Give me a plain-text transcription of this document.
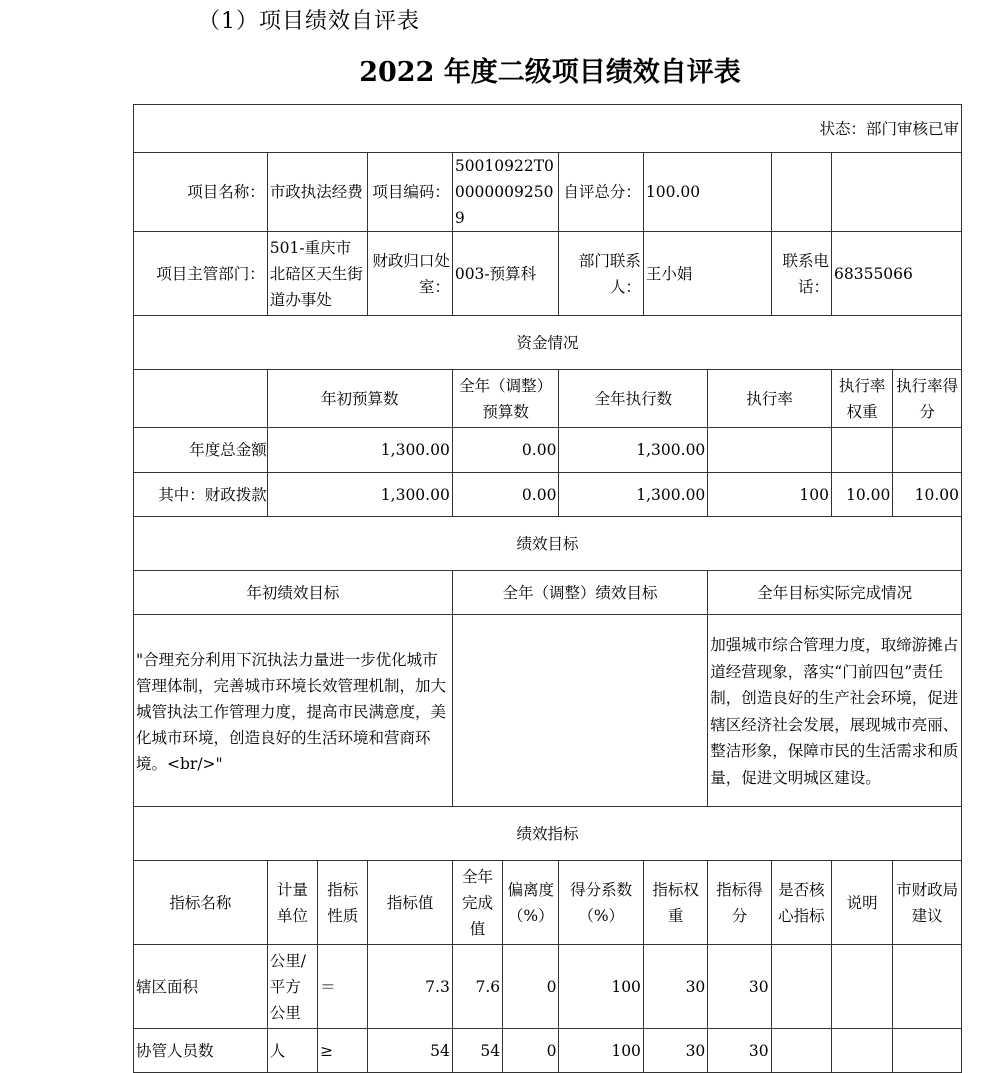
（1）项目绩效自评表
2022 年度二级项目绩效自评表
状态：部门审核已审											
项目名称：	市政执法经费		项目编码：	50010922T000000092509		自评总分：	100.00				
项目主管部门：	501-重庆市北碚区天生街道办事处		财政归口处室：	003-预算科		部门联系人：	王小娟		联系电话：	68355066	
资金情况											
	年初预算数			全年（调整）预算数		全年执行数		执行率		执行率权重	执行率得分
年度总金额	1,300.00			0.00		1,300.00					
其中：财政拨款	1,300.00			0.00		1,300.00		100		10.00	10.00
绩效目标											
年初绩效目标				全年（调整）绩效目标				全年目标实际完成情况			
"合理充分利用下沉执法力量进一步优化城市管理体制，完善城市环境长效管理机制，加大城管执法工作管理力度，提高市民满意度，美化城市环境，创造良好的生活环境和营商环境。<br/>"								加强城市综合管理力度，取缔游摊占道经营现象，落实“门前四包”责任制，创造良好的生产社会环境，促进辖区经济社会发展，展现城市亮丽、整洁形象，保障市民的生活需求和质量，促进文明城区建设。			
绩效指标											
指标名称	计量单位	指标性质	指标值	全年完成值	偏离度（%）	得分系数（%）	指标权重	指标得分	是否核心指标	说明	市财政局建议
辖区面积	公里/平方公里	＝	7.3	7.6	0	100	30	30			
协管人员数	人	≥	54	54	0	100	30	30			
